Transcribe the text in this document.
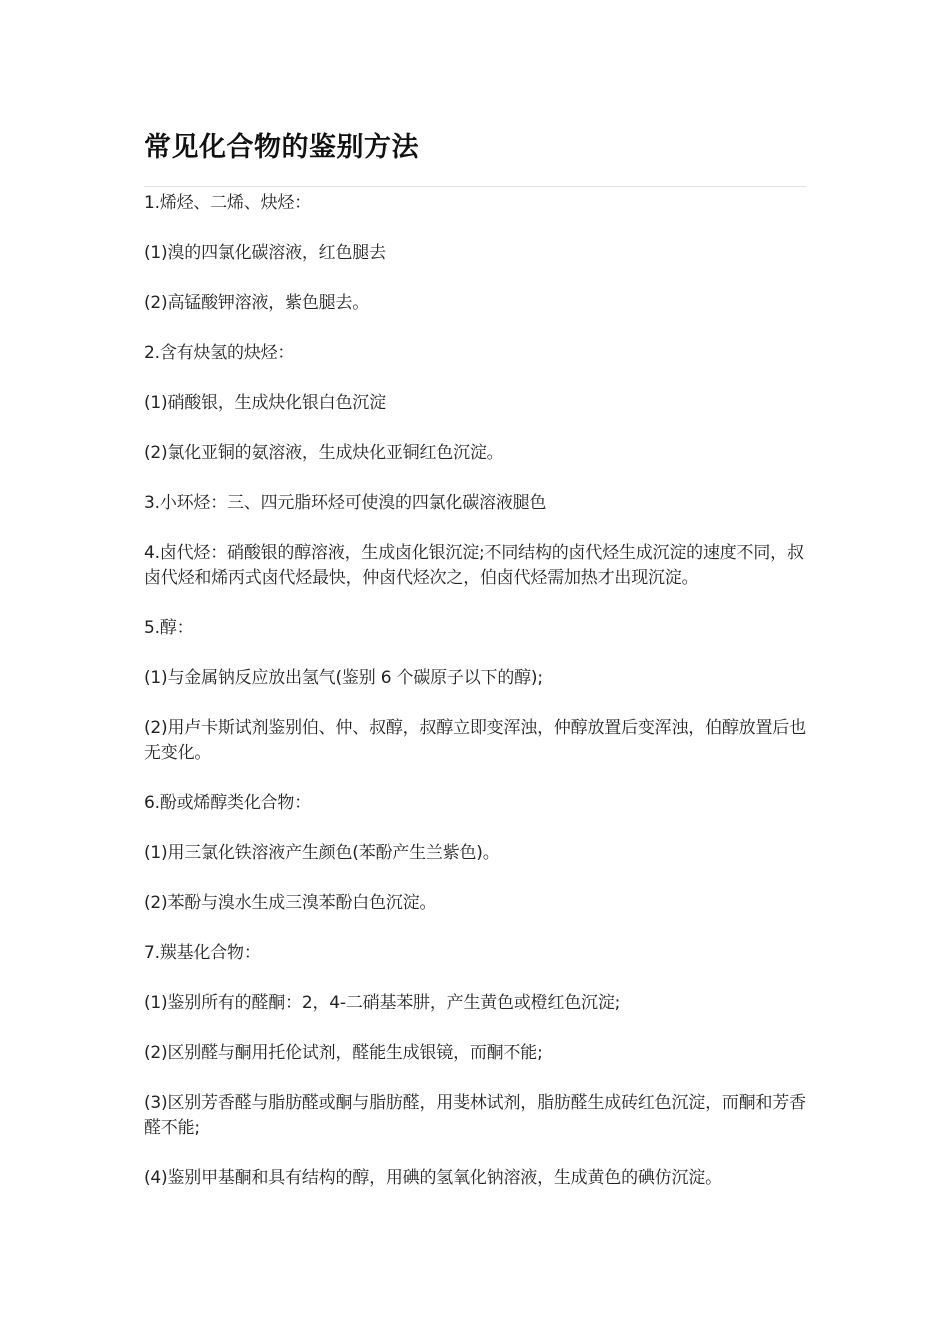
常见化合物的鉴别方法

1.烯烃、二烯、炔烃：

(1)溴的四氯化碳溶液，红色腿去

(2)高锰酸钾溶液，紫色腿去。

2.含有炔氢的炔烃：

(1)硝酸银，生成炔化银白色沉淀

(2)氯化亚铜的氨溶液，生成炔化亚铜红色沉淀。

3.小环烃：三、四元脂环烃可使溴的四氯化碳溶液腿色

4.卤代烃：硝酸银的醇溶液，生成卤化银沉淀;不同结构的卤代烃生成沉淀的速度不同，叔卤代烃和烯丙式卤代烃最快，仲卤代烃次之，伯卤代烃需加热才出现沉淀。

5.醇：

(1)与金属钠反应放出氢气(鉴别 6 个碳原子以下的醇);

(2)用卢卡斯试剂鉴别伯、仲、叔醇，叔醇立即变浑浊，仲醇放置后变浑浊，伯醇放置后也无变化。

6.酚或烯醇类化合物：

(1)用三氯化铁溶液产生颜色(苯酚产生兰紫色)。

(2)苯酚与溴水生成三溴苯酚白色沉淀。

7.羰基化合物：

(1)鉴别所有的醛酮：2，4-二硝基苯肼，产生黄色或橙红色沉淀;

(2)区别醛与酮用托伦试剂，醛能生成银镜，而酮不能;

(3)区别芳香醛与脂肪醛或酮与脂肪醛，用斐林试剂，脂肪醛生成砖红色沉淀，而酮和芳香醛不能;

(4)鉴别甲基酮和具有结构的醇，用碘的氢氧化钠溶液，生成黄色的碘仿沉淀。
